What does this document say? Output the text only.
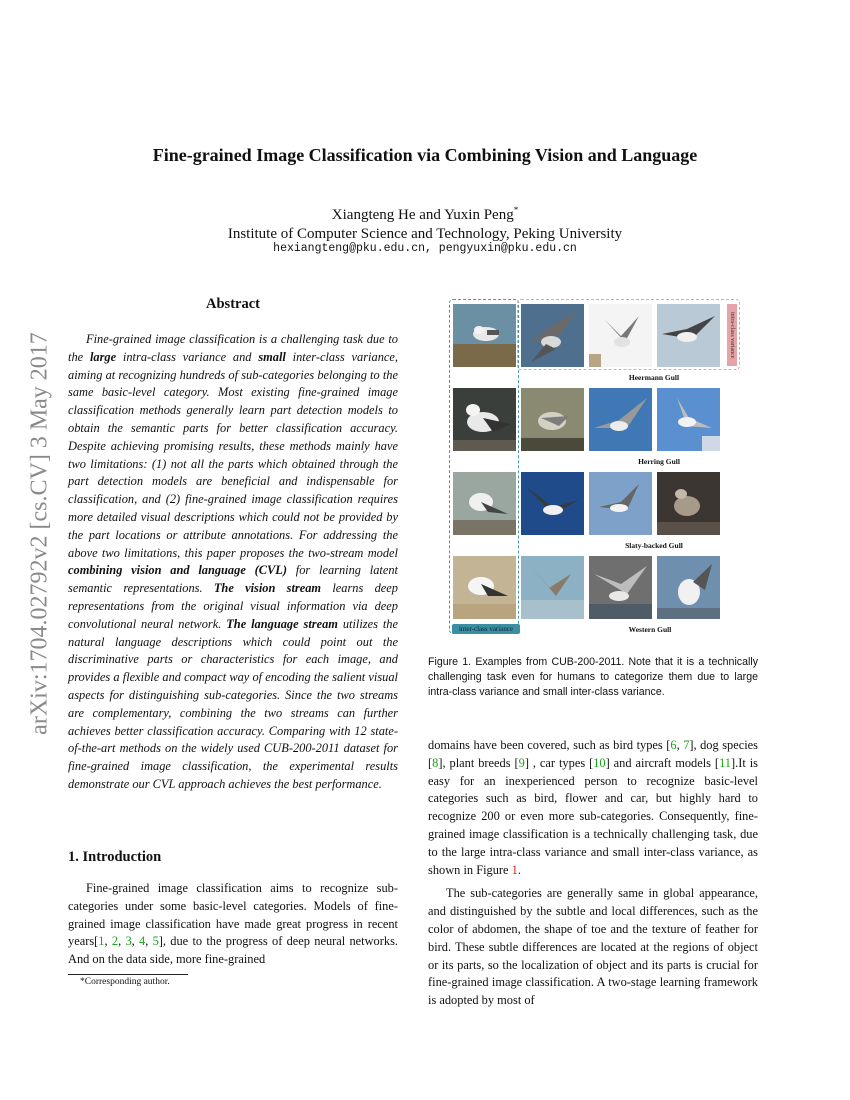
Fine-grained Image Classification via Combining Vision and Language
Xiangteng He and Yuxin Peng*
Institute of Computer Science and Technology, Peking University
hexiangteng@pku.edu.cn, pengyuxin@pku.edu.cn
arXiv:1704.02792v2 [cs.CV] 3 May 2017
Abstract

Fine-grained image classification is a challenging task due to the large intra-class variance and small inter-class variance, aiming at recognizing hundreds of sub-categories belonging to the same basic-level category. Most existing fine-grained image classification methods generally learn part detection models to obtain the semantic parts for better classification accuracy. Despite achieving promising results, these methods mainly have two limitations: (1) not all the parts which obtained through the part detection models are beneficial and indispensable for classification, and (2) fine-grained image classification requires more detailed visual descriptions which could not be provided by the part locations or attribute annotations. For addressing the above two limitations, this paper proposes the two-stream model combining vision and language (CVL) for learning latent semantic representations. The vision stream learns deep representations from the original visual information via deep convolutional neural network. The language stream utilizes the natural language descriptions which could point out the discriminative parts or characteristics for each image, and provides a flexible and compact way of encoding the salient visual aspects for distinguishing sub-categories. Since the two streams are complementary, combining the two streams can further achieves better classification accuracy. Comparing with 12 state-of-the-art methods on the widely used CUB-200-2011 dataset for fine-grained image classification, the experimental results demonstrate our CVL approach achieves the best performance.

1. Introduction

Fine-grained image classification aims to recognize sub-categories under some basic-level categories. Models of fine-grained image classification have made great progress in recent years[1, 2, 3, 4, 5], due to the progress of deep neural networks. And on the data side, more fine-grained

*Corresponding author.
inter-class variance
intra-class variance
Heermann Gull
Herring Gull
Slaty-backed Gull
Western Gull
Figure 1. Examples from CUB-200-2011. Note that it is a technically challenging task even for humans to categorize them due to large intra-class variance and small inter-class variance.

domains have been covered, such as bird types [6, 7], dog species [8], plant breeds [9] , car types [10] and aircraft models [11].It is easy for an inexperienced person to recognize basic-level categories such as bird, flower and car, but highly hard to recognize 200 or even more sub-categories. Consequently, fine-grained image classification is a technically challenging task, due to the large intra-class variance and small inter-class variance, as shown in Figure 1.

The sub-categories are generally same in global appearance, and distinguished by the subtle and local differences, such as the color of abdomen, the shape of toe and the texture of feather for bird. These subtle differences are located at the regions of object or its parts, so the localization of object and its parts is crucial for fine-grained image classification. A two-stage learning framework is adopted by most of
